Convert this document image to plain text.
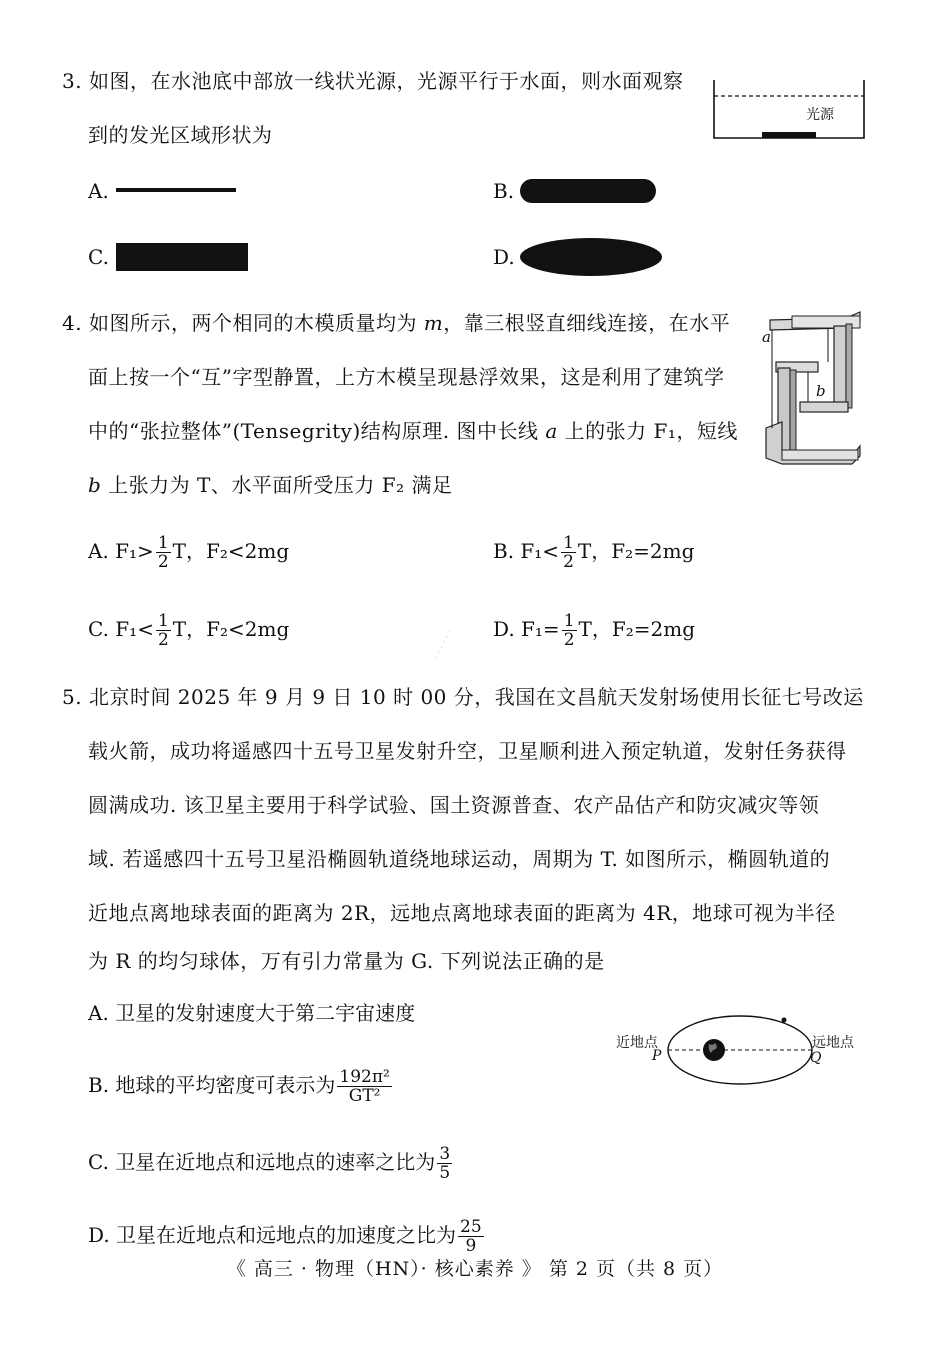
3. 如图，在水池底中部放一线状光源，光源平行于水面，则水面观察
到的发光区域形状为
光源
A.	B.
C.	D.
4. 如图所示，两个相同的木模质量均为 m，靠三根竖直细线连接，在水平
面上按一个“互”字型静置，上方木模呈现悬浮效果，这是利用了建筑学
中的“张拉整体”(Tensegrity)结构原理. 图中长线 a 上的张力 F₁，短线
b 上张力为 T、水平面所受压力 F₂ 满足
a
b
A. $F_1> \frac{1}{2}$ T，F₂<2mg	B. $F_1< \frac{1}{2}$ T，F₂=2mg
C. $F_1< \frac{1}{2}$ T，F₂<2mg	D. $F_1= \frac{1}{2}$ T，F₂=2mg
· · · · · ·
5. 北京时间 2025 年 9 月 9 日 10 时 00 分，我国在文昌航天发射场使用长征七号改运
载火箭，成功将遥感四十五号卫星发射升空，卫星顺利进入预定轨道，发射任务获得
圆满成功. 该卫星主要用于科学试验、国土资源普查、农产品估产和防灾减灾等领
域. 若遥感四十五号卫星沿椭圆轨道绕地球运动，周期为 T. 如图所示，椭圆轨道的
近地点离地球表面的距离为 2R，远地点离地球表面的距离为 4R，地球可视为半径
为 R 的均匀球体，万有引力常量为 G. 下列说法正确的是
A. 卫星的发射速度大于第二宇宙速度
B. 地球的平均密度可表示为 $\frac{\text{192π²}}{\text{GT²}}$
C. 卫星在近地点和远地点的速率之比为 $\frac{3}{5}$
D. 卫星在近地点和远地点的加速度之比为 $\frac{25}{9}$
近地点	远地点
P	Q
《 高三 · 物理（HN）· 核心素养 》 第 2 页（共 8 页）
